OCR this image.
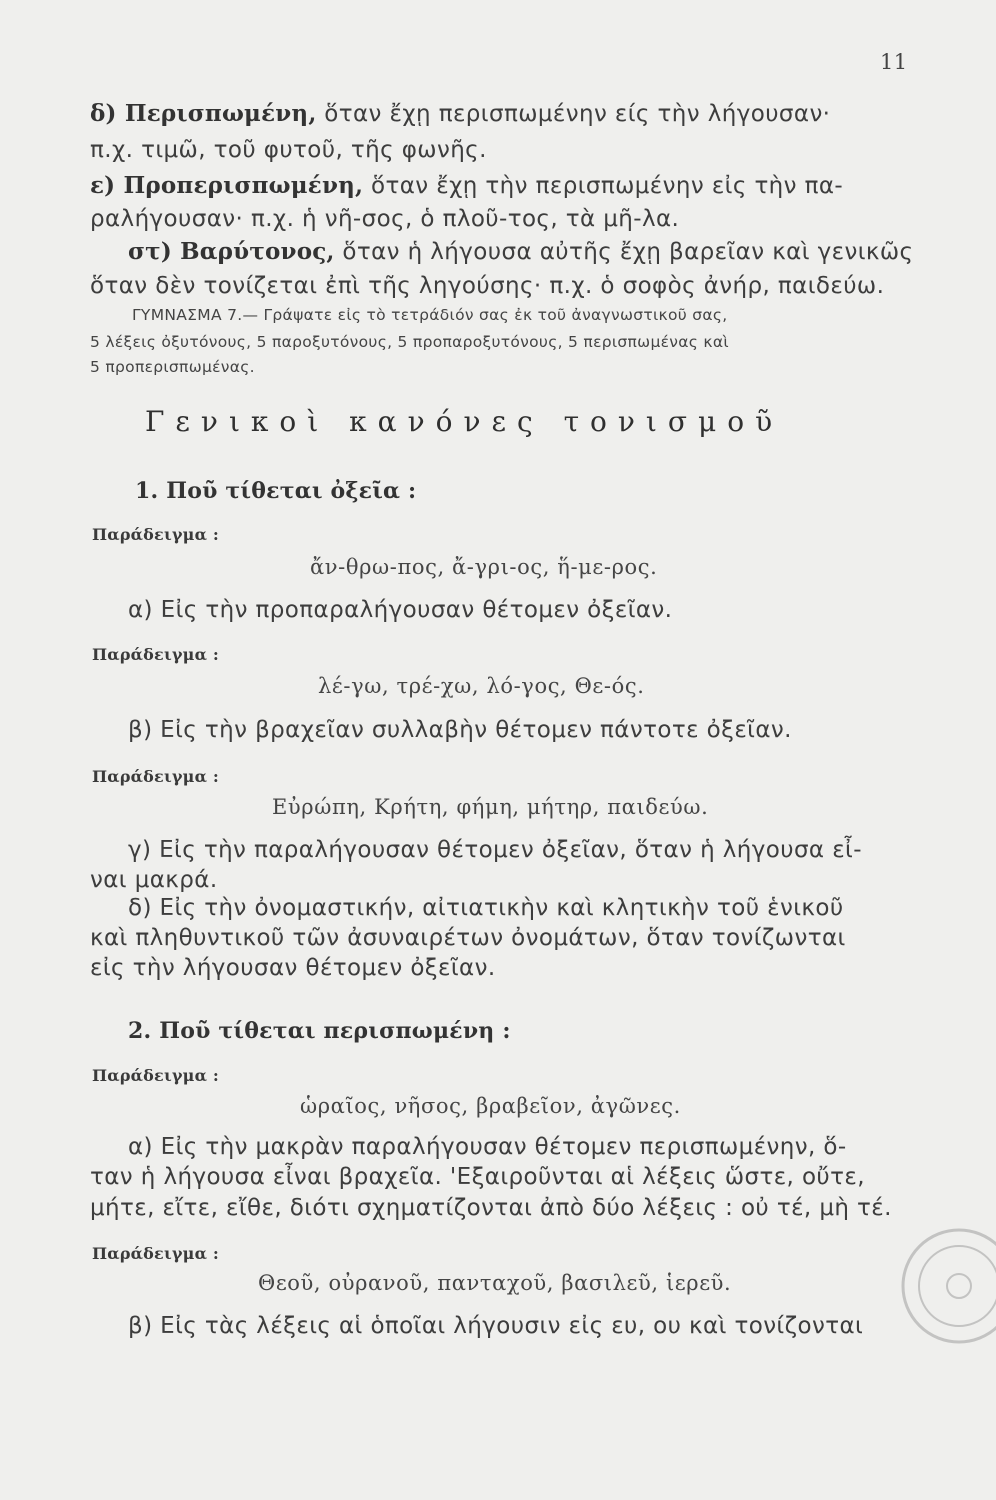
11
δ) Περισπωμένη, ὅταν ἔχῃ περισπωμένην είς τὴν λήγουσαν·
π.χ. τιμῶ, τοῦ φυτοῦ, τῆς φωνῆς.
ε) Προπερισπωμένη, ὅταν ἔχῃ τὴν περισπωμένην εἰς τὴν πα-
ραλήγουσαν· π.χ. ἡ νῆ-σος, ὁ πλοῦ-τος, τὰ μῆ-λα.
στ) Βαρύτονος, ὅταν ἡ λήγουσα αὐτῆς ἔχῃ βαρεῖαν καὶ γενικῶς
ὅταν δὲν τονίζεται ἐπὶ τῆς ληγούσης· π.χ. ὁ σοφὸς ἀνήρ, παιδεύω.
ΓΥΜΝΑΣΜΑ 7.— Γράψατε εἰς τὸ τετράδιόν σας ἐκ τοῦ ἀναγνωστικοῦ σας,
5 λέξεις ὀξυτόνους, 5 παροξυτόνους, 5 προπαροξυτόνους, 5 περισπωμένας καὶ
5 προπερισπωμένας.
Γενικοὶ κανόνες τονισμοῦ
1. Ποῦ τίθεται ὀξεῖα :
Παράδειγμα :
ἄν-θρω-πος, ἄ-γρι-ος, ἥ-με-ρος.
α) Εἰς τὴν προπαραλήγουσαν θέτομεν ὀξεῖαν.
Παράδειγμα :
λέ-γω, τρέ-χω, λό-γος, Θε-ός.
β) Εἰς τὴν βραχεῖαν συλλαβὴν θέτομεν πάντοτε ὀξεῖαν.
Παράδειγμα :
Εὐρώπη, Κρήτη, φήμη, μήτηρ, παιδεύω.
γ) Εἰς τὴν παραλήγουσαν θέτομεν ὀξεῖαν, ὅταν ἡ λήγουσα εἶ-
ναι μακρά.
δ) Εἰς τὴν ὀνομαστικήν, αἰτιατικὴν καὶ κλητικὴν τοῦ ἑνικοῦ
καὶ πληθυντικοῦ τῶν ἀσυναιρέτων ὀνομάτων, ὅταν τονίζωνται
εἰς τὴν λήγουσαν θέτομεν ὀξεῖαν.
2. Ποῦ τίθεται περισπωμένη :
Παράδειγμα :
ὡραῖος, νῆσος, βραβεῖον, ἀγῶνες.
α) Εἰς τὴν μακρὰν παραλήγουσαν θέτομεν περισπωμένην, ὅ-
ταν ἡ λήγουσα εἶναι βραχεῖα. 'Εξαιροῦνται αἱ λέξεις ὥστε, οὔτε,
μήτε, εἴτε, εἴθε, διότι σχηματίζονται ἀπὸ δύο λέξεις : οὐ τέ, μὴ τέ.
Παράδειγμα :
Θεοῦ, οὐρανοῦ, πανταχοῦ, βασιλεῦ, ἱερεῦ.
β) Εἰς τὰς λέξεις αἱ ὁποῖαι λήγουσιν εἰς ευ, ου καὶ τονίζονται
